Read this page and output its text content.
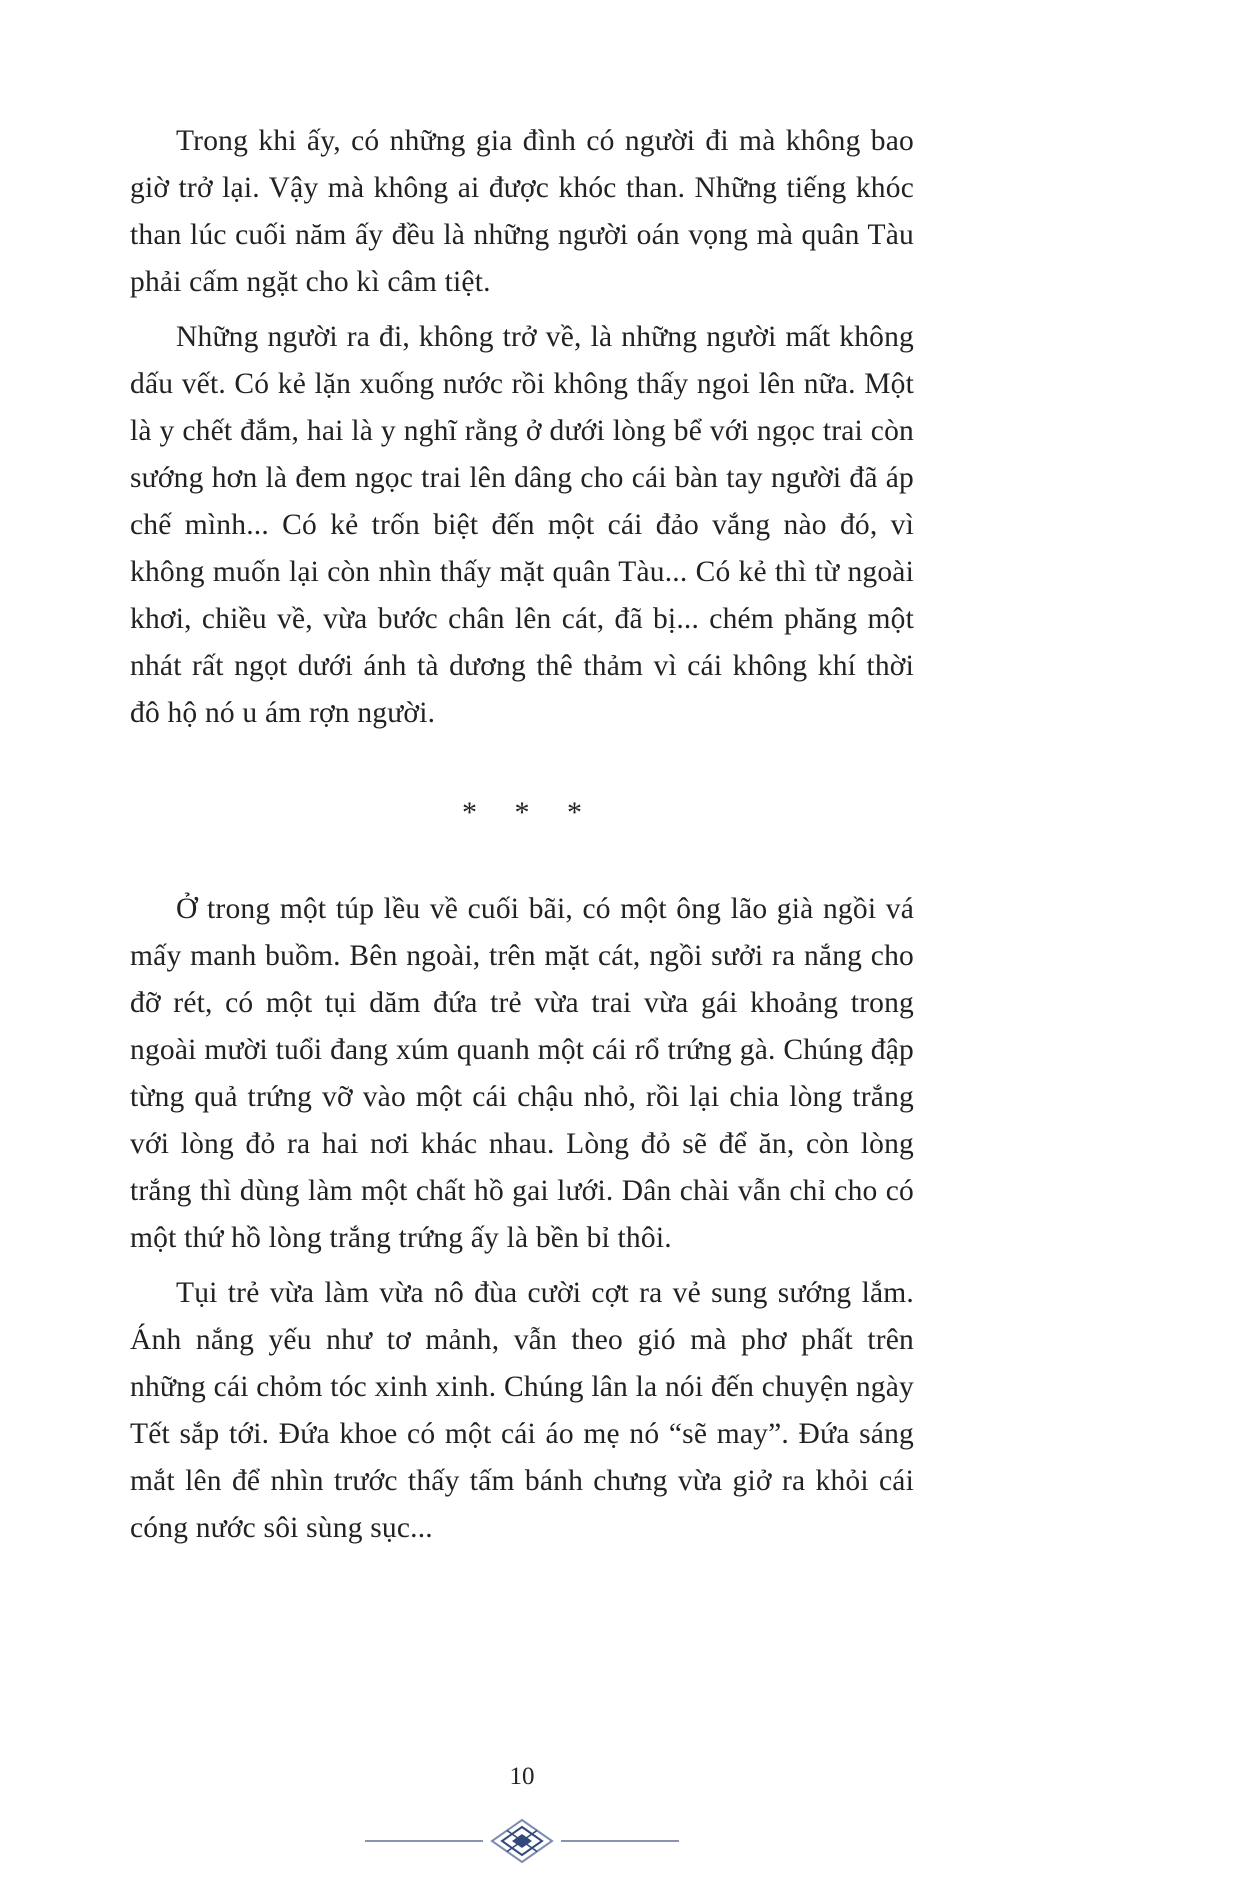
Trong khi ấy, có những gia đình có người đi mà không bao giờ trở lại. Vậy mà không ai được khóc than. Những tiếng khóc than lúc cuối năm ấy đều là những người oán vọng mà quân Tàu phải cấm ngặt cho kì câm tiệt.

Những người ra đi, không trở về, là những người mất không dấu vết. Có kẻ lặn xuống nước rồi không thấy ngoi lên nữa. Một là y chết đắm, hai là y nghĩ rằng ở dưới lòng bể với ngọc trai còn sướng hơn là đem ngọc trai lên dâng cho cái bàn tay người đã áp chế mình... Có kẻ trốn biệt đến một cái đảo vắng nào đó, vì không muốn lại còn nhìn thấy mặt quân Tàu... Có kẻ thì từ ngoài khơi, chiều về, vừa bước chân lên cát, đã bị... chém phăng một nhát rất ngọt dưới ánh tà dương thê thảm vì cái không khí thời đô hộ nó u ám rợn người.

* * *

Ở trong một túp lều về cuối bãi, có một ông lão già ngồi vá mấy manh buồm. Bên ngoài, trên mặt cát, ngồi sưởi ra nắng cho đỡ rét, có một tụi dăm đứa trẻ vừa trai vừa gái khoảng trong ngoài mười tuổi đang xúm quanh một cái rổ trứng gà. Chúng đập từng quả trứng vỡ vào một cái chậu nhỏ, rồi lại chia lòng trắng với lòng đỏ ra hai nơi khác nhau. Lòng đỏ sẽ để ăn, còn lòng trắng thì dùng làm một chất hồ gai lưới. Dân chài vẫn chỉ cho có một thứ hồ lòng trắng trứng ấy là bền bỉ thôi.

Tụi trẻ vừa làm vừa nô đùa cười cợt ra vẻ sung sướng lắm. Ánh nắng yếu như tơ mảnh, vẫn theo gió mà phơ phất trên những cái chỏm tóc xinh xinh. Chúng lân la nói đến chuyện ngày Tết sắp tới. Đứa khoe có một cái áo mẹ nó “sẽ may”. Đứa sáng mắt lên để nhìn trước thấy tấm bánh chưng vừa giở ra khỏi cái cóng nước sôi sùng sục...

10
